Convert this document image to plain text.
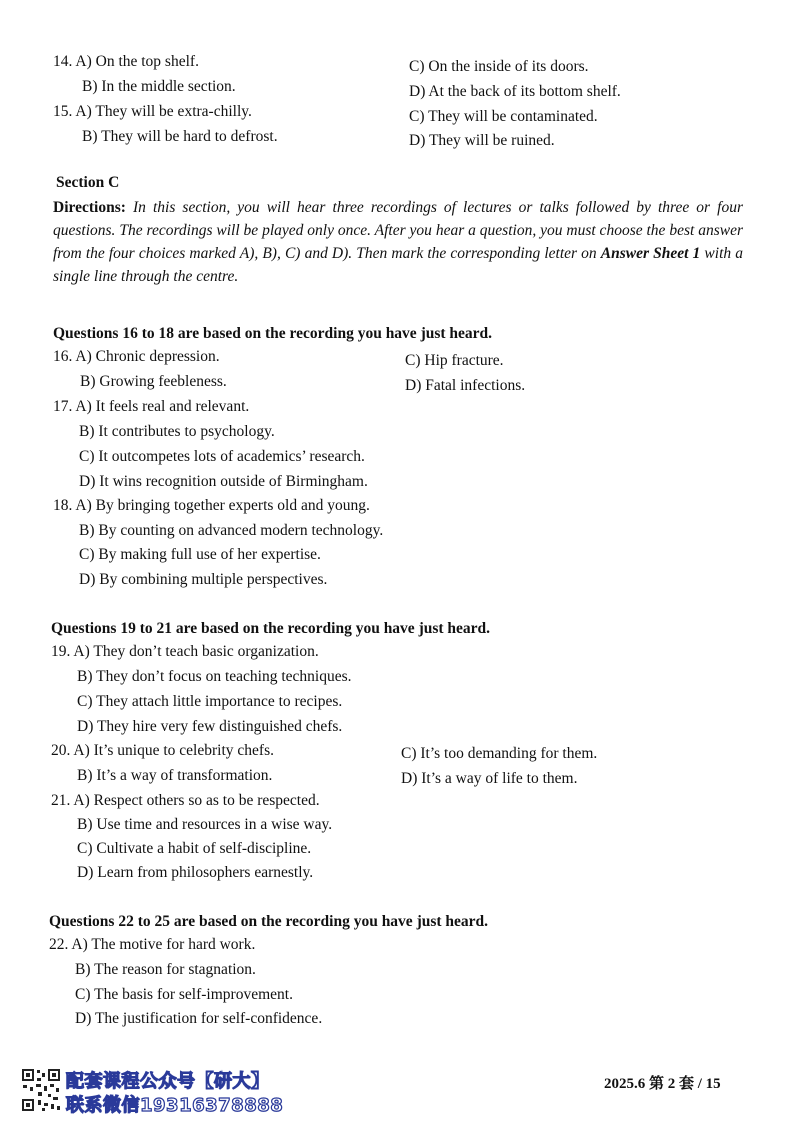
14. A) On the top shelf.
B) In the middle section.
C) On the inside of its doors.
D) At the back of its bottom shelf.
15. A) They will be extra-chilly.
B) They will be hard to defrost.
C) They will be contaminated.
D) They will be ruined.
Section C
Directions: In this section, you will hear three recordings of lectures or talks followed by three or four questions. The recordings will be played only once. After you hear a question, you must choose the best answer from the four choices marked A), B), C) and D). Then mark the corresponding letter on Answer Sheet 1 with a single line through the centre.
Questions 16 to 18 are based on the recording you have just heard.
16. A) Chronic depression.
B) Growing feebleness.
C) Hip fracture.
D) Fatal infections.
17. A) It feels real and relevant.
B) It contributes to psychology.
C) It outcompetes lots of academics’ research.
D) It wins recognition outside of Birmingham.
18. A) By bringing together experts old and young.
B) By counting on advanced modern technology.
C) By making full use of her expertise.
D) By combining multiple perspectives.
Questions 19 to 21 are based on the recording you have just heard.
19. A) They don’t teach basic organization.
B) They don’t focus on teaching techniques.
C) They attach little importance to recipes.
D) They hire very few distinguished chefs.
20. A) It’s unique to celebrity chefs.
B) It’s a way of transformation.
C) It’s too demanding for them.
D) It’s a way of life to them.
21. A) Respect others so as to be respected.
B) Use time and resources in a wise way.
C) Cultivate a habit of self-discipline.
D) Learn from philosophers earnestly.
Questions 22 to 25 are based on the recording you have just heard.
22. A) The motive for hard work.
B) The reason for stagnation.
C) The basis for self-improvement.
D) The justification for self-confidence.
配套课程公众号【研大】
联系微信19316378888
2025.6 第 2 套 / 15
